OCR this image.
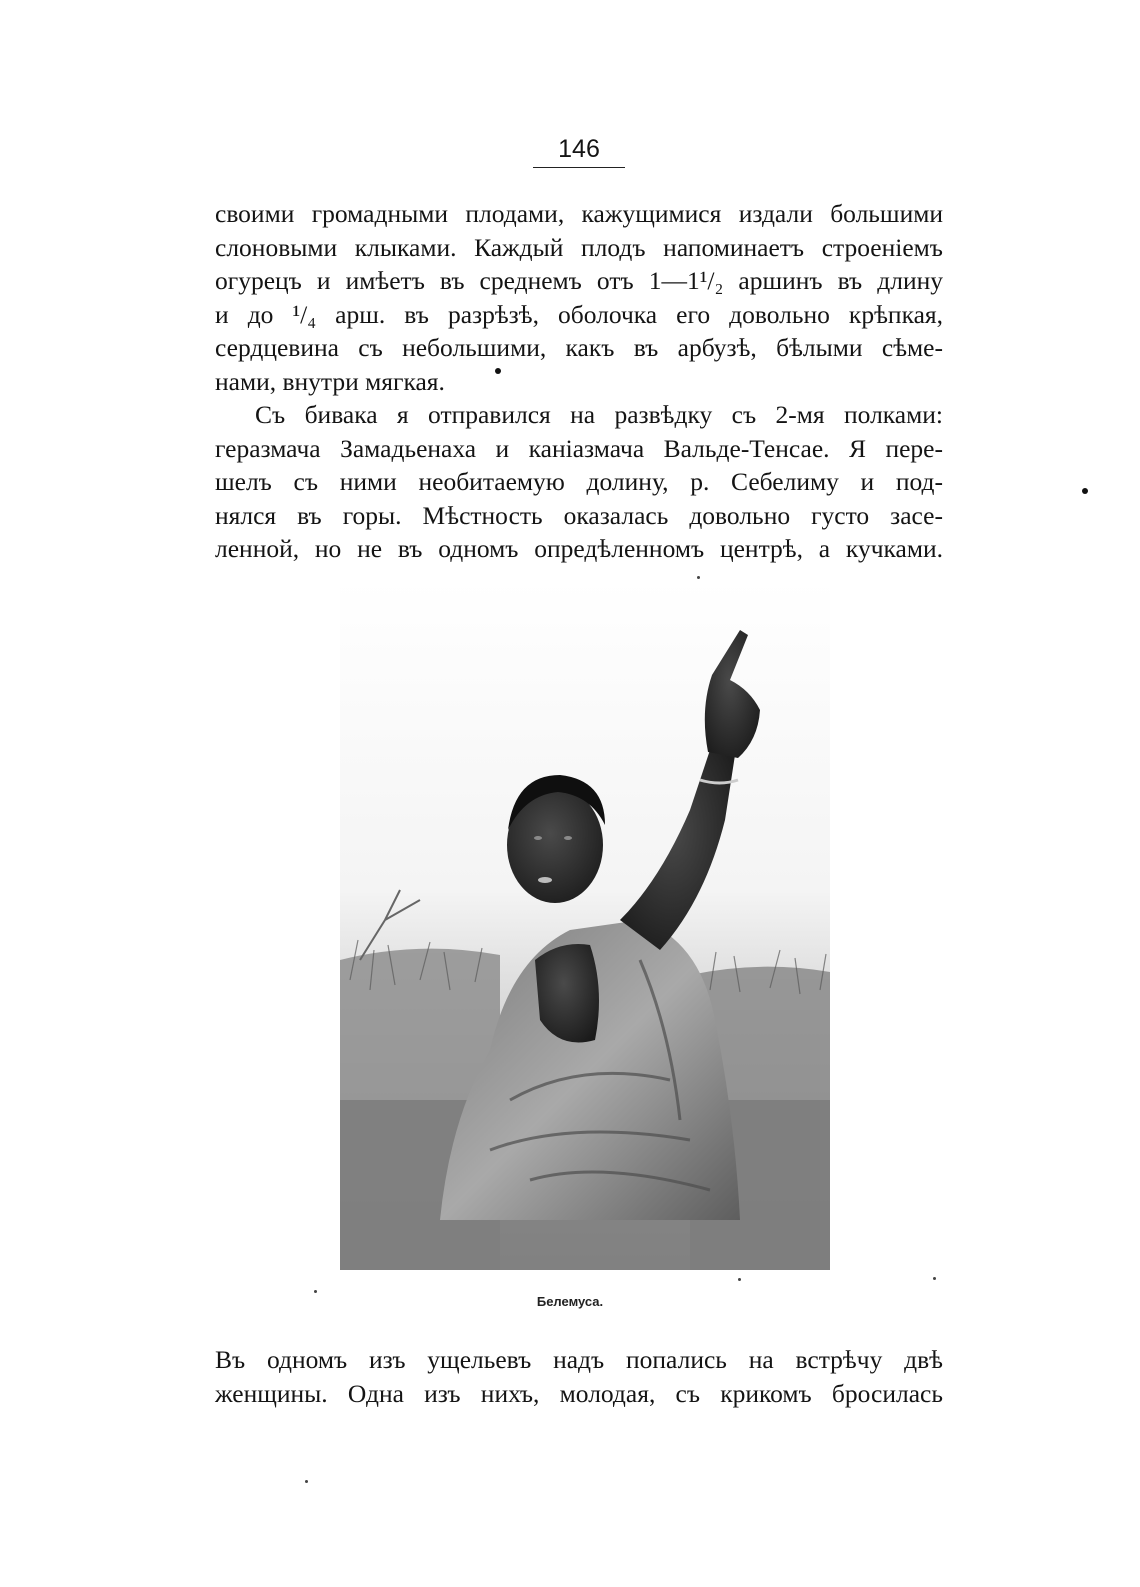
146

своими громадными плодами, кажущимися издали большими
слоновыми клыками. Каждый плодъ напоминаетъ строеніемъ
огурецъ и имѣетъ въ среднемъ отъ 1—1¹/₂ аршинъ въ длину
и до ¹/₄ арш. въ разрѣзѣ, оболочка его довольно крѣпкая,
сердцевина съ небольшими, какъ въ арбузѣ, бѣлыми сѣме-
нами, внутри мягкая.

Съ бивака я отправился на развѣдку съ 2-мя полками:
геразмача Замадьенаха и каніазмача Вальде-Тенсае. Я пере-
шелъ съ ними необитаемую долину, р. Себелиму и под-
нялся въ горы. Мѣстность оказалась довольно густо засе-
ленной, но не въ одномъ опредѣленномъ центрѣ, а кучками.

Белемуса.

Въ одномъ изъ ущельевъ надъ попались на встрѣчу двѣ
женщины. Одна изъ нихъ, молодая, съ крикомъ бросилась
